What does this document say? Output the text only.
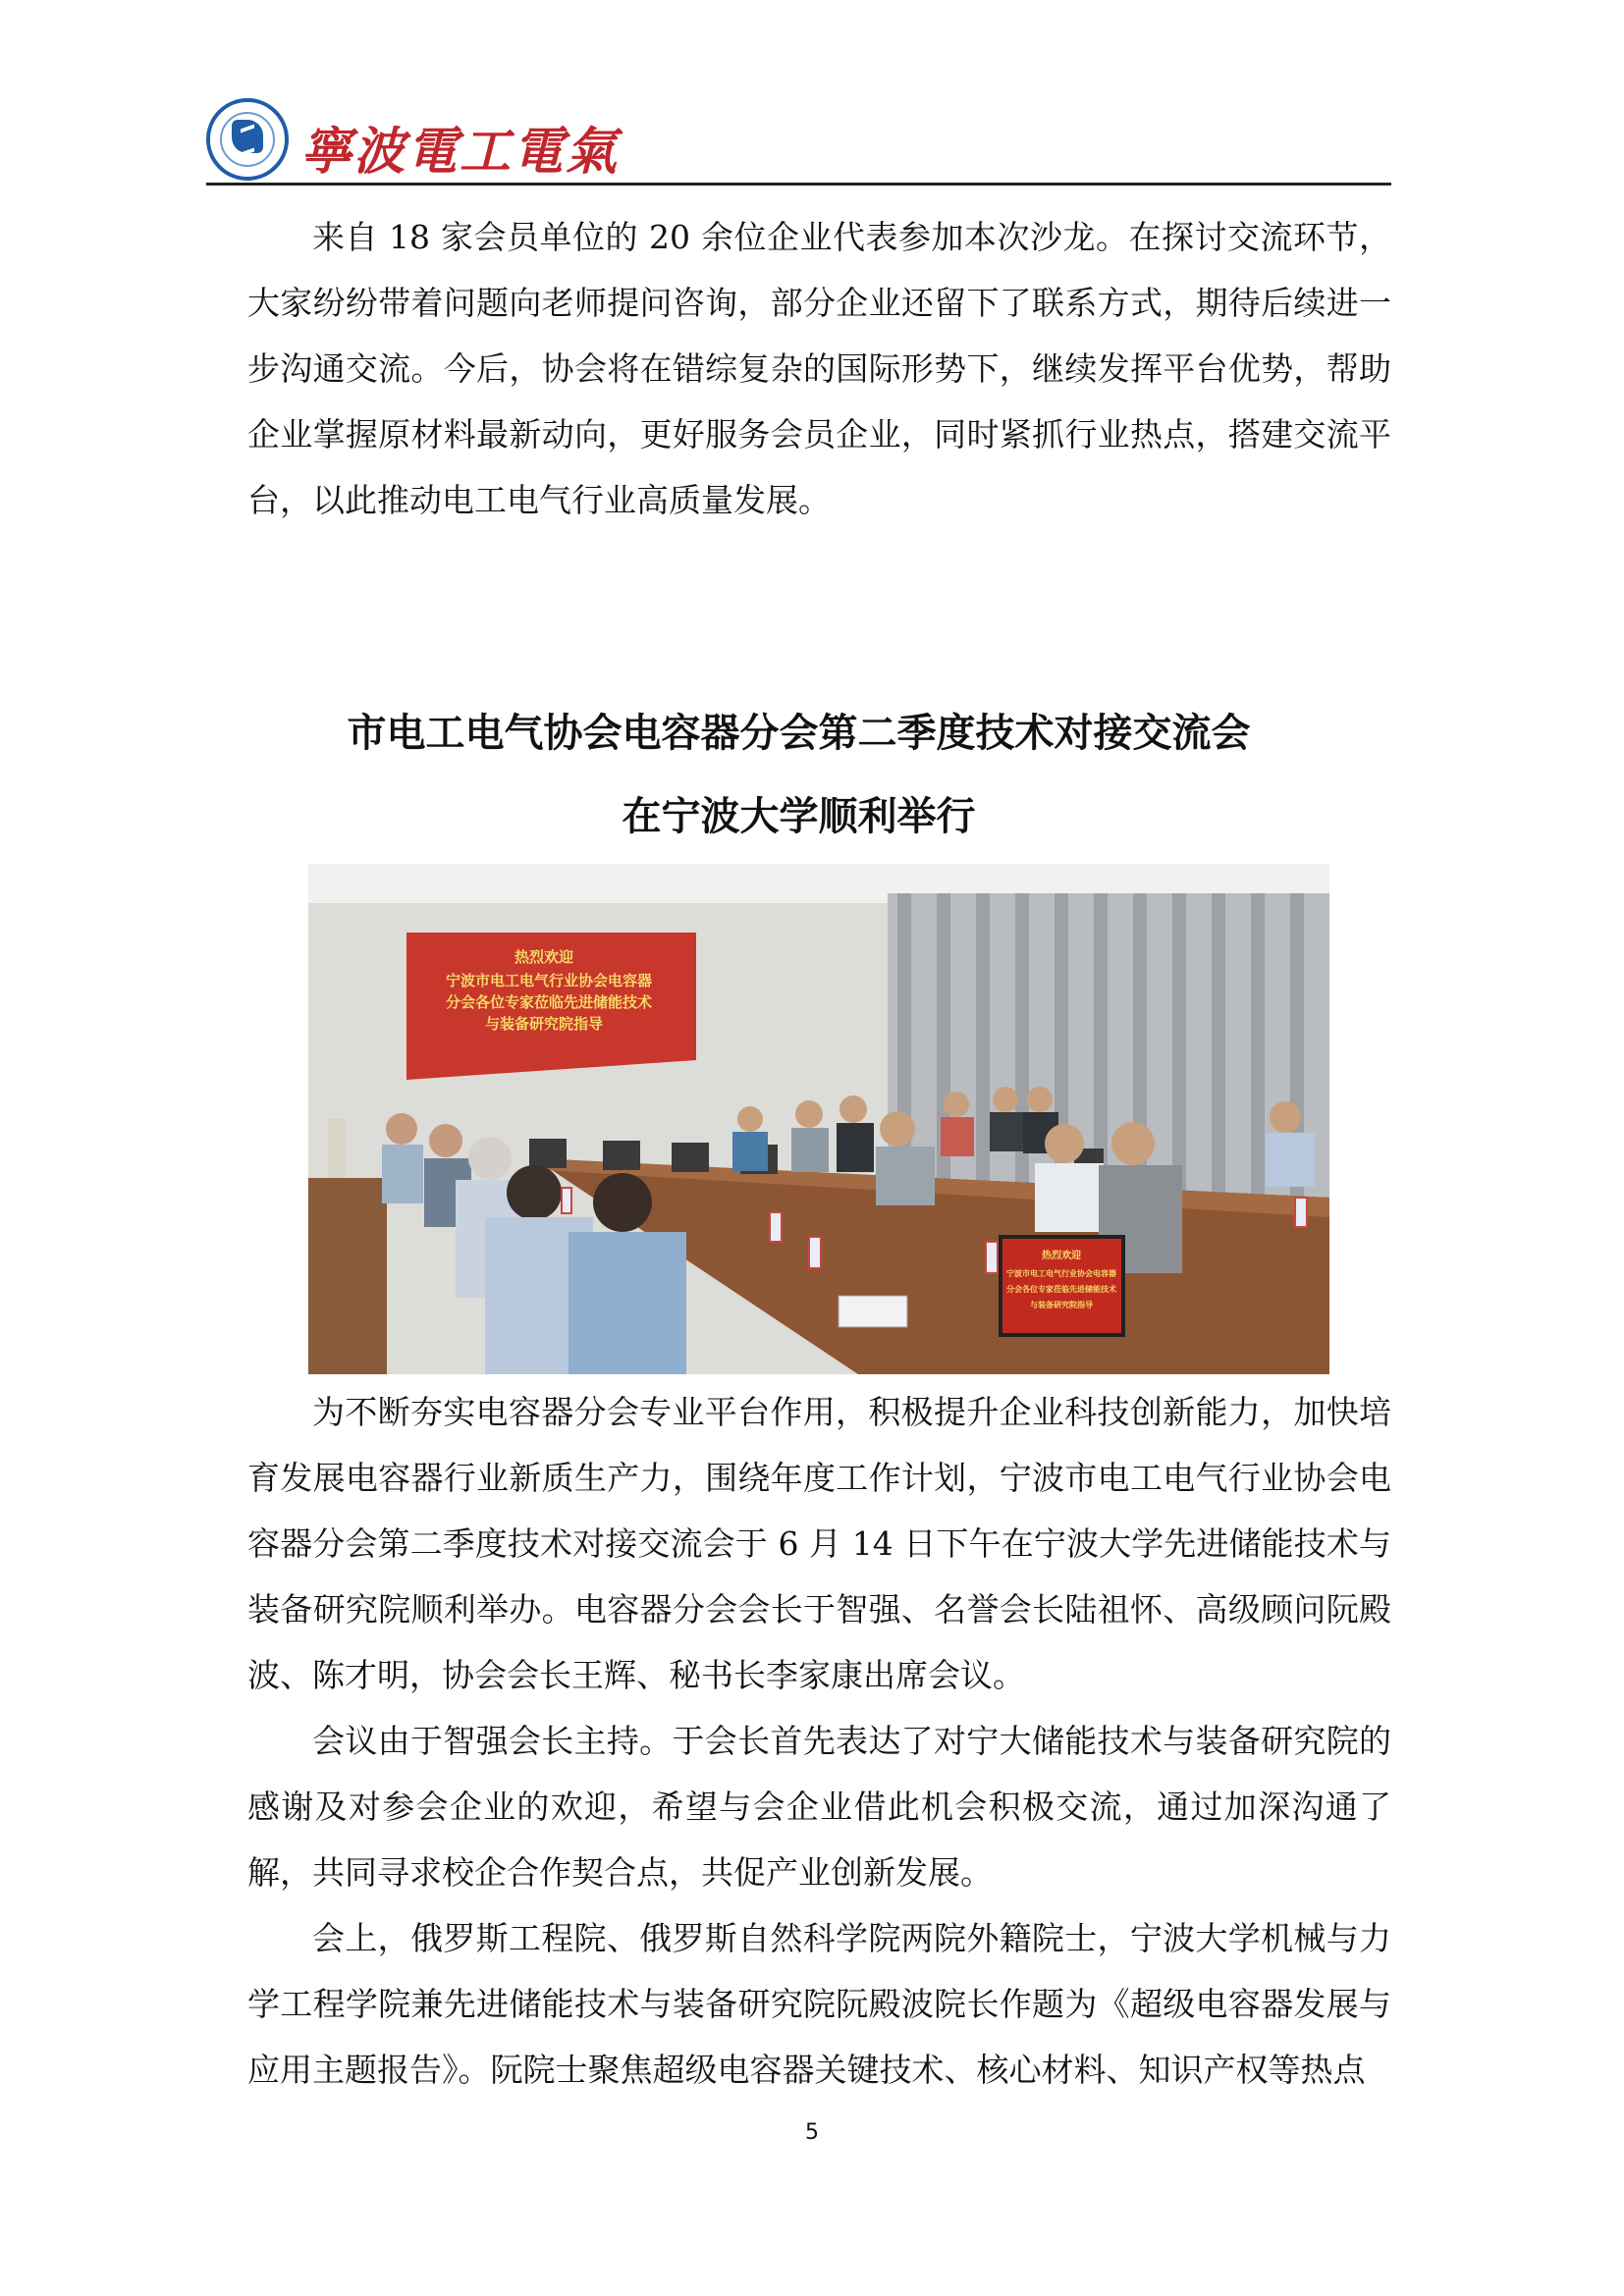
寧波電工電氣

来自 18 家会员单位的 20 余位企业代表参加本次沙龙。在探讨交流环节，大家纷纷带着问题向老师提问咨询，部分企业还留下了联系方式，期待后续进一步沟通交流。今后，协会将在错综复杂的国际形势下，继续发挥平台优势，帮助企业掌握原材料最新动向，更好服务会员企业，同时紧抓行业热点，搭建交流平台，以此推动电工电气行业高质量发展。

市电工电气协会电容器分会第二季度技术对接交流会
在宁波大学顺利举行
热烈欢迎
宁波市电工电气行业协会电容器
分会各位专家莅临先进储能技术
与装备研究院指导
热烈欢迎
宁波市电工电气行业协会电容器
分会各位专家莅临先进储能技术
与装备研究院指导

为不断夯实电容器分会专业平台作用，积极提升企业科技创新能力，加快培育发展电容器行业新质生产力，围绕年度工作计划，宁波市电工电气行业协会电容器分会第二季度技术对接交流会于 6 月 14 日下午在宁波大学先进储能技术与装备研究院顺利举办。电容器分会会长于智强、名誉会长陆祖怀、高级顾问阮殿波、陈才明，协会会长王辉、秘书长李家康出席会议。

会议由于智强会长主持。于会长首先表达了对宁大储能技术与装备研究院的感谢及对参会企业的欢迎，希望与会企业借此机会积极交流，通过加深沟通了解，共同寻求校企合作契合点，共促产业创新发展。

会上，俄罗斯工程院、俄罗斯自然科学院两院外籍院士，宁波大学机械与力学工程学院兼先进储能技术与装备研究院阮殿波院长作题为《超级电容器发展与应用主题报告》。阮院士聚焦超级电容器关键技术、核心材料、知识产权等热点

5
